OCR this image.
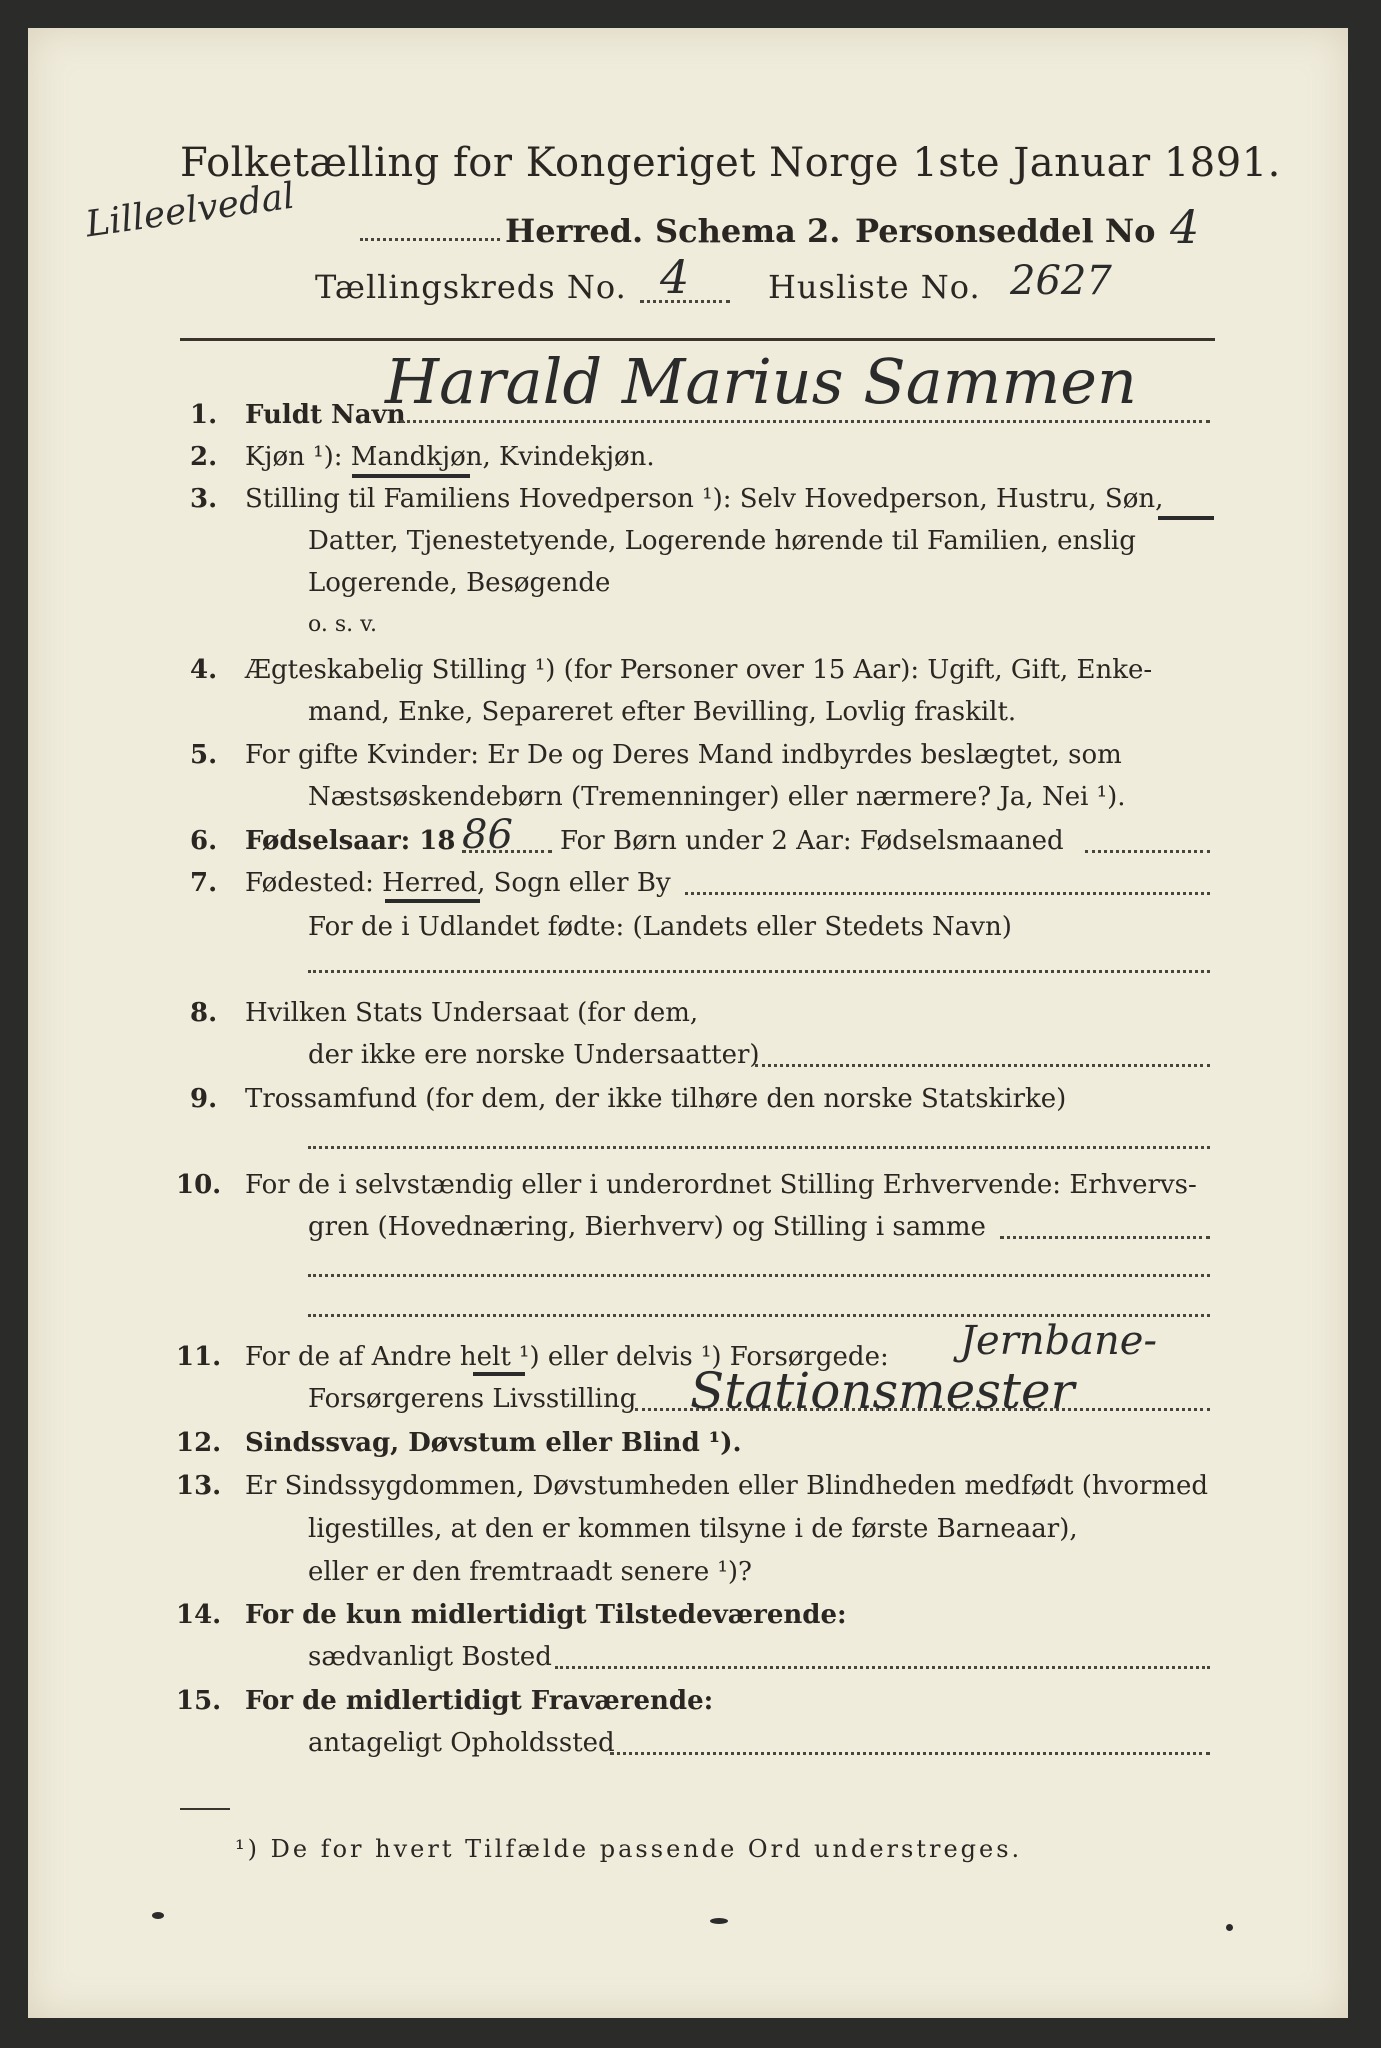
Folketælling for Kongeriget Norge 1ste Januar 1891.
Lilleelvedal	Herred. Schema 2. Personseddel No 4
Tællingskreds No. 4 Husliste No. 2627
1. Fuldt Navn
Harald Marius Sammen
2. Kjøn ¹): Mandkjøn, Kvindekjøn.
3. Stilling til Familiens Hovedperson ¹): Selv Hovedperson, Hustru, Søn,
Datter, Tjenestetyende, Logerende hørende til Familien, enslig
Logerende, Besøgende
o. s. v.
4. Ægteskabelig Stilling ¹) (for Personer over 15 Aar): Ugift, Gift, Enke-
mand, Enke, Separeret efter Bevilling, Lovlig fraskilt.
5. For gifte Kvinder: Er De og Deres Mand indbyrdes beslægtet, som
Næstsøskendebørn (Tremenninger) eller nærmere? Ja, Nei ¹).
6. Fødselsaar: 18 86 For Børn under 2 Aar: Fødselsmaaned
7. Fødested: Herred, Sogn eller By
For de i Udlandet fødte: (Landets eller Stedets Navn)
8. Hvilken Stats Undersaat (for dem,
der ikke ere norske Undersaatter)
9. Trossamfund (for dem, der ikke tilhøre den norske Statskirke)
10. For de i selvstændig eller i underordnet Stilling Erhvervende: Erhvervs-
gren (Hovednæring, Bierhverv) og Stilling i samme
11. For de af Andre helt ¹) eller delvis ¹) Forsørgede:
Forsørgerens Livsstilling
Jernbane-
Stationsmester
12. Sindssvag, Døvstum eller Blind ¹).
13. Er Sindssygdommen, Døvstumheden eller Blindheden medfødt (hvormed
ligestilles, at den er kommen tilsyne i de første Barneaar),
eller er den fremtraadt senere ¹)?
14. For de kun midlertidigt Tilstedeværende:
sædvanligt Bosted
15. For de midlertidigt Fraværende:
antageligt Opholdssted
¹) De for hvert Tilfælde passende Ord understreges.
